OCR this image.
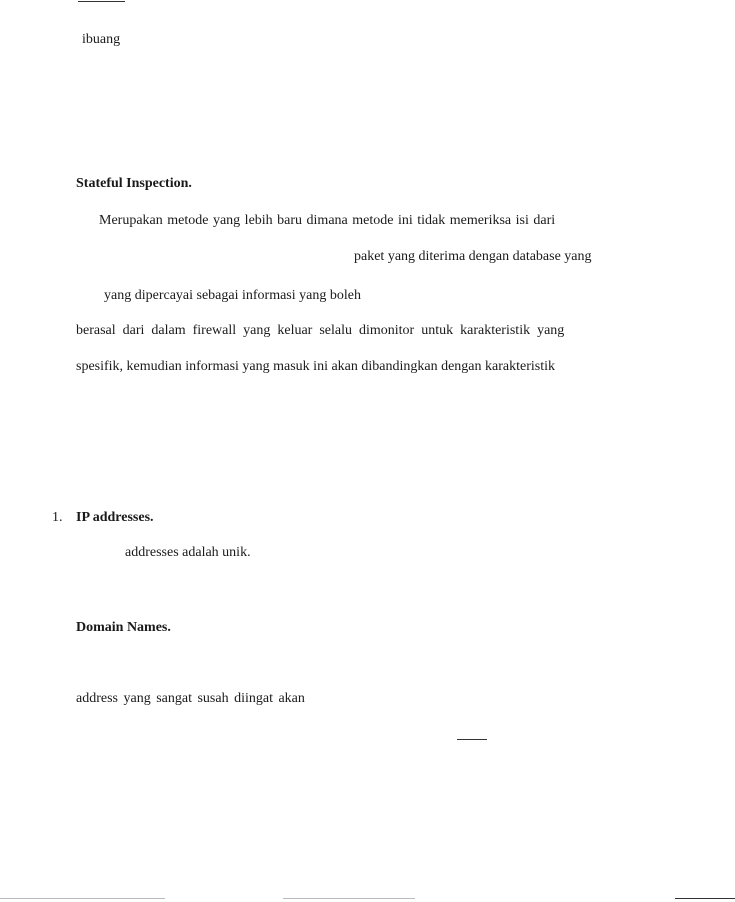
ibuang
Stateful Inspection.
Merupakan metode yang lebih baru dimana metode ini tidak memeriksa isi dari
paket yang diterima dengan database yang
yang dipercayai sebagai informasi yang boleh
berasal dari dalam firewall yang keluar selalu dimonitor untuk karakteristik yang
spesifik, kemudian informasi yang masuk ini akan dibandingkan dengan karakteristik
1. IP addresses.
addresses adalah unik.
Domain Names.
address yang sangat susah diingat akan
